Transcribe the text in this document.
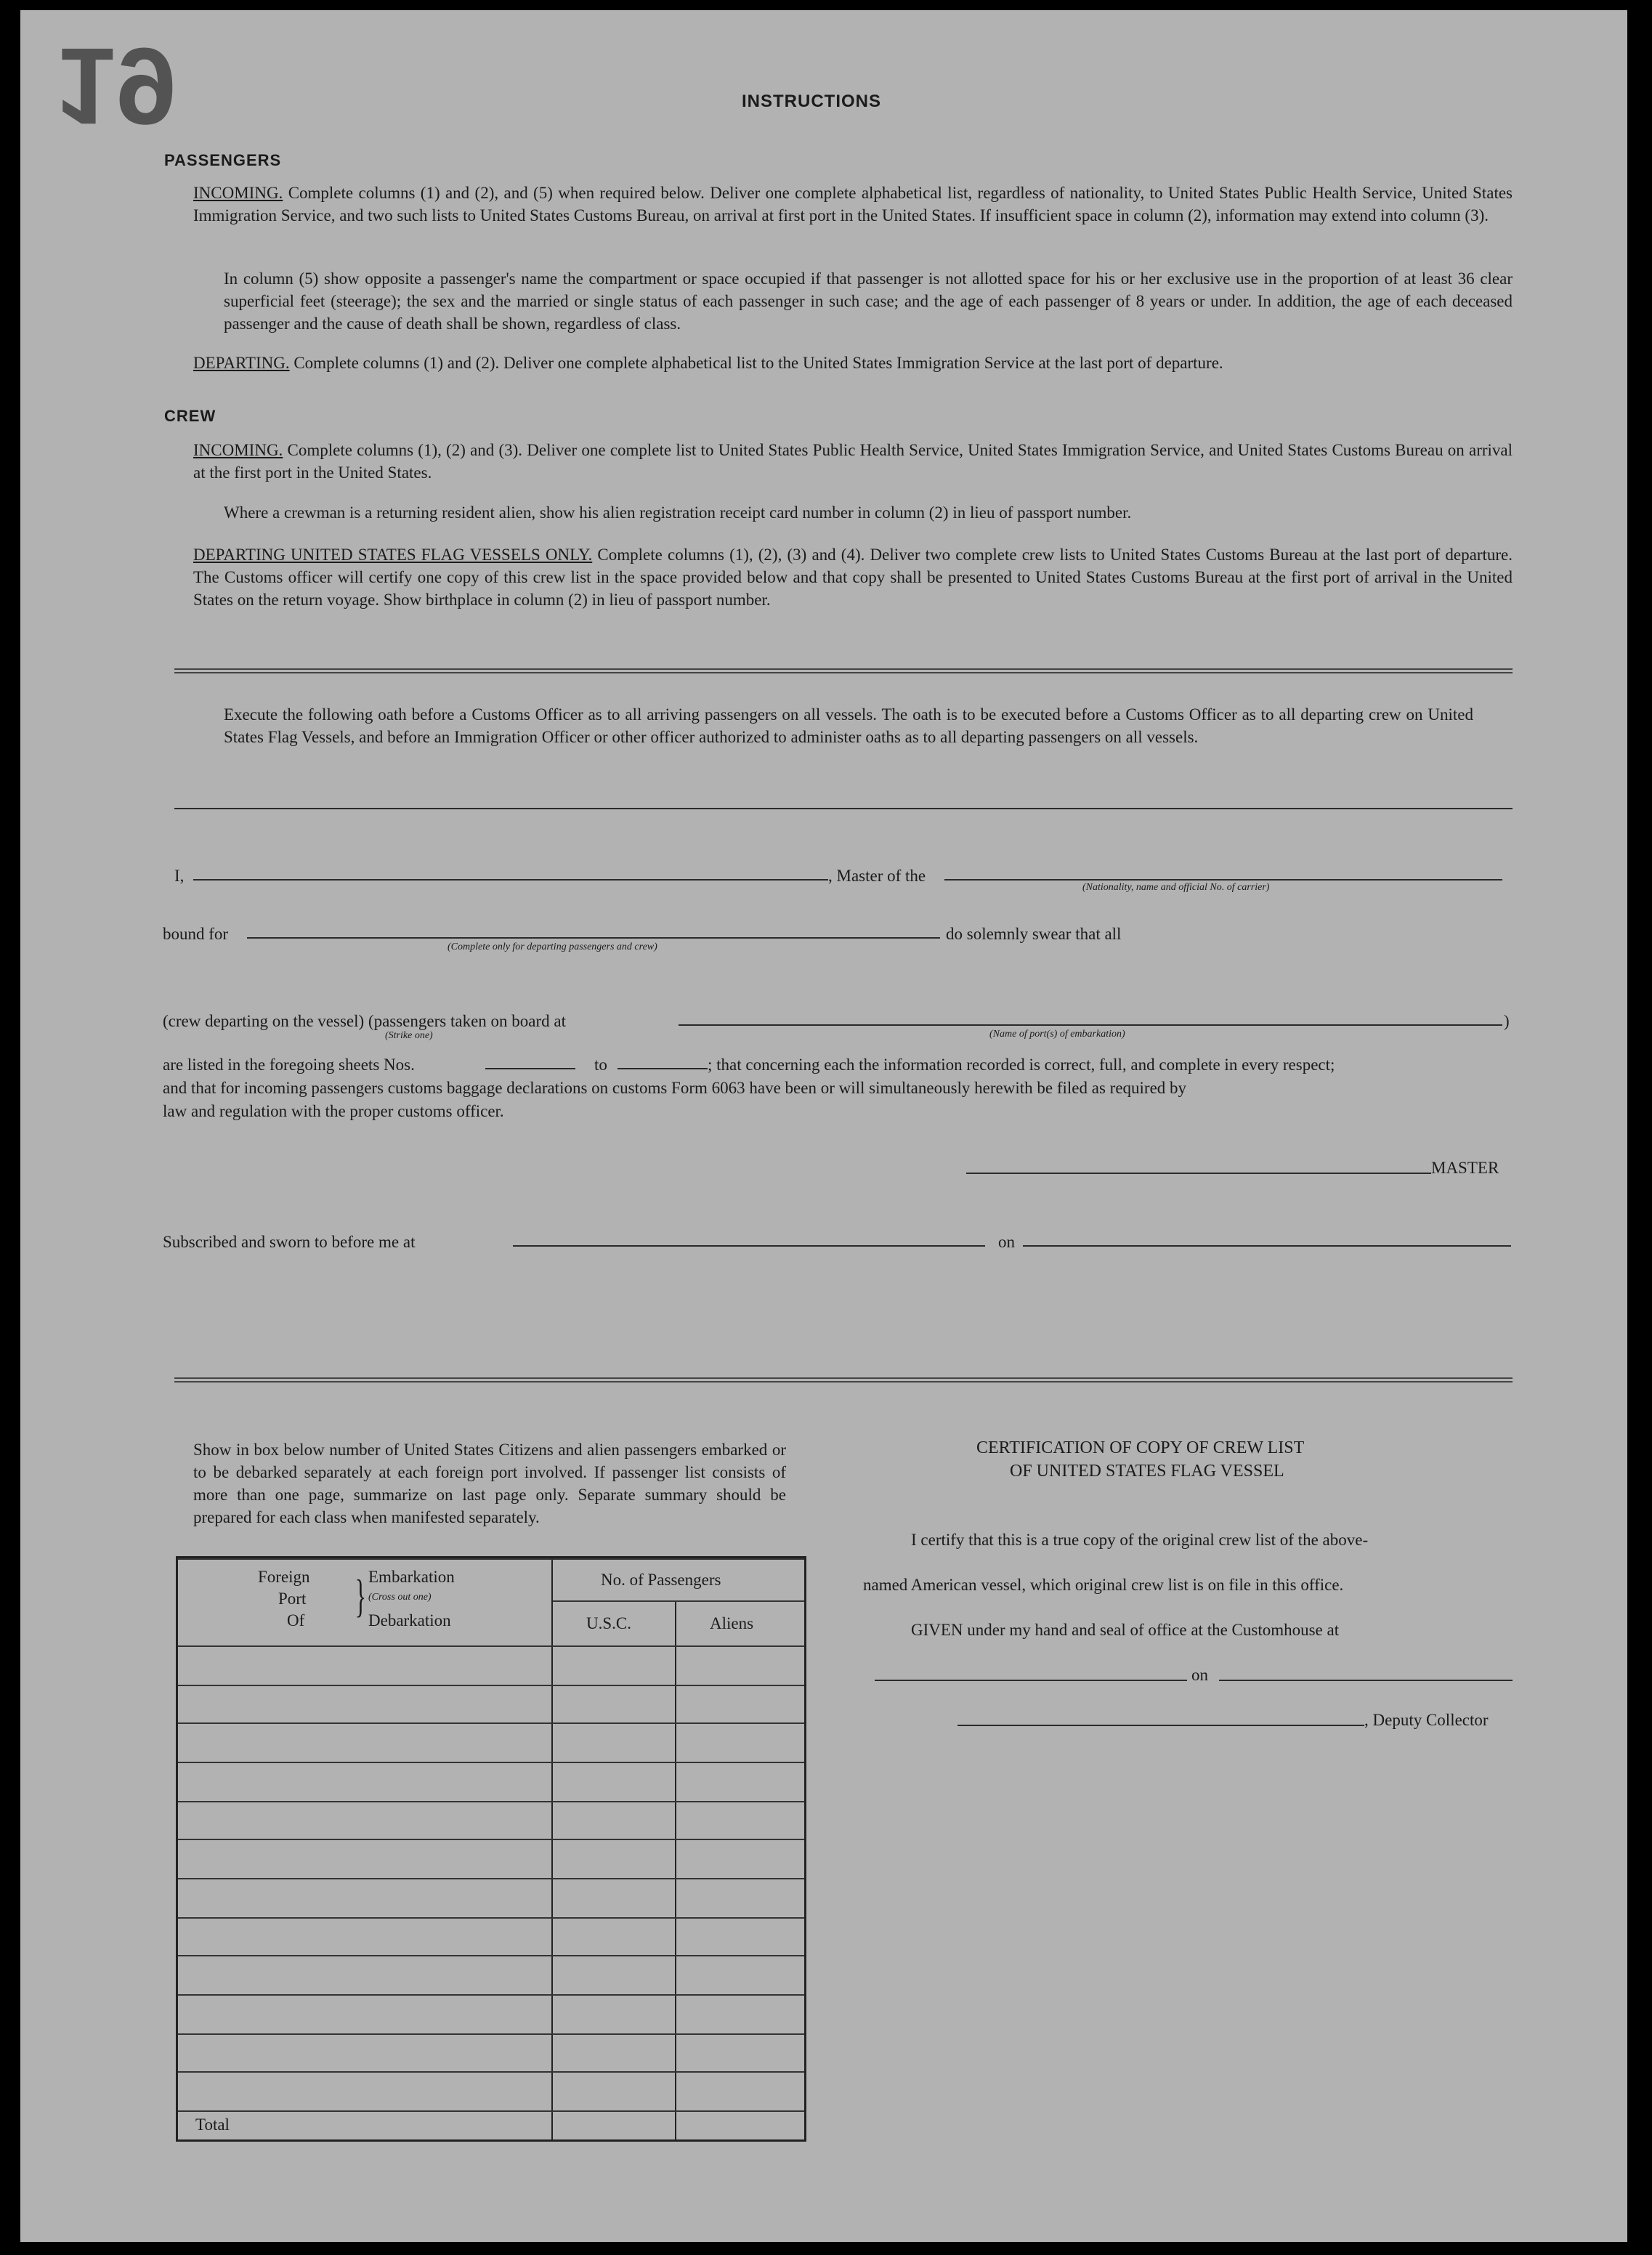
19	INSTRUCTIONS
PASSENGERS
INCOMING. Complete columns (1) and (2), and (5) when required below. Deliver one complete alphabetical list, regardless of nationality, to United States Public Health Service, United States Immigration Service, and two such lists to United States Customs Bureau, on arrival at first port in the United States. If insufficient space in column (2), information may extend into column (3).
In column (5) show opposite a passenger's name the compartment or space occupied if that passenger is not allotted space for his or her exclusive use in the proportion of at least 36 clear superficial feet (steerage); the sex and the married or single status of each passenger in such case; and the age of each passenger of 8 years or under. In addition, the age of each deceased passenger and the cause of death shall be shown, regardless of class.
DEPARTING. Complete columns (1) and (2). Deliver one complete alphabetical list to the United States Immigration Service at the last port of departure.
CREW
INCOMING. Complete columns (1), (2) and (3). Deliver one complete list to United States Public Health Service, United States Immigration Service, and United States Customs Bureau on arrival at the first port in the United States.
Where a crewman is a returning resident alien, show his alien registration receipt card number in column (2) in lieu of passport number.
DEPARTING UNITED STATES FLAG VESSELS ONLY. Complete columns (1), (2), (3) and (4). Deliver two complete crew lists to United States Customs Bureau at the last port of departure. The Customs officer will certify one copy of this crew list in the space provided below and that copy shall be presented to United States Customs Bureau at the first port of arrival in the United States on the return voyage. Show birthplace in column (2) in lieu of passport number.
Execute the following oath before a Customs Officer as to all arriving passengers on all vessels. The oath is to be executed before a Customs Officer as to all departing crew on United States Flag Vessels, and before an Immigration Officer or other officer authorized to administer oaths as to all departing passengers on all vessels.
I,	, Master of the
(Nationality, name and official No. of carrier)
bound for
(Complete only for departing passengers and crew)
do solemnly swear that all
(crew departing on the vessel) (passengers taken on board at
(Strike one)	(Name of port(s) of embarkation)
)
are listed in the foregoing sheets Nos.	to	; that concerning each the information recorded is correct, full, and complete in every respect;
and that for incoming passengers customs baggage declarations on customs Form 6063 have been or will simultaneously herewith be filed as required by
law and regulation with the proper customs officer.
MASTER
Subscribed and sworn to before me at	on
Show in box below number of United States Citizens and alien passengers embarked or to be debarked separately at each foreign port involved. If passenger list consists of more than one page, summarize on last page only. Separate summary should be prepared for each class when manifested separately.
Foreign
Port
Of } Embarkation
(Cross out one)
Debarkation
No. of Passengers
U.S.C.	Aliens
Total
CERTIFICATION OF COPY OF CREW LIST
OF UNITED STATES FLAG VESSEL
I certify that this is a true copy of the original crew list of the above-
named American vessel, which original crew list is on file in this office.
GIVEN under my hand and seal of office at the Customhouse at
on
, Deputy Collector
